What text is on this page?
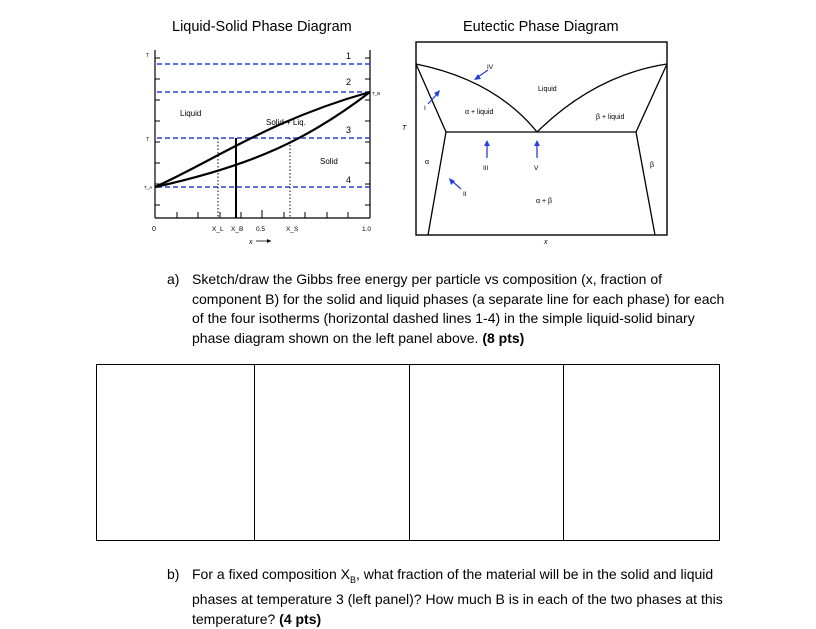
Liquid-Solid Phase Diagram	Eutectic Phase Diagram
1
2
3
4
Liquid
Solid + Liq.
Solid
T
T
T_A
T_B
0	0.5	1.0
X_L X_B	X_S
x
I
II
III
IV
V
Liquid
α + liquid
β + liquid
α	β
α + β
T
x
a) Sketch/draw the Gibbs free energy per particle vs composition (x, fraction of component B) for the solid and liquid phases (a separate line for each phase) for each of the four isotherms (horizontal dashed lines 1-4) in the simple liquid-solid binary phase diagram shown on the left panel above. (8 pts)
b) For a fixed composition $X_B$, what fraction of the material will be in the solid and liquid phases at temperature 3 (left panel)? How much B is in each of the two phases at this temperature? (4 pts)
